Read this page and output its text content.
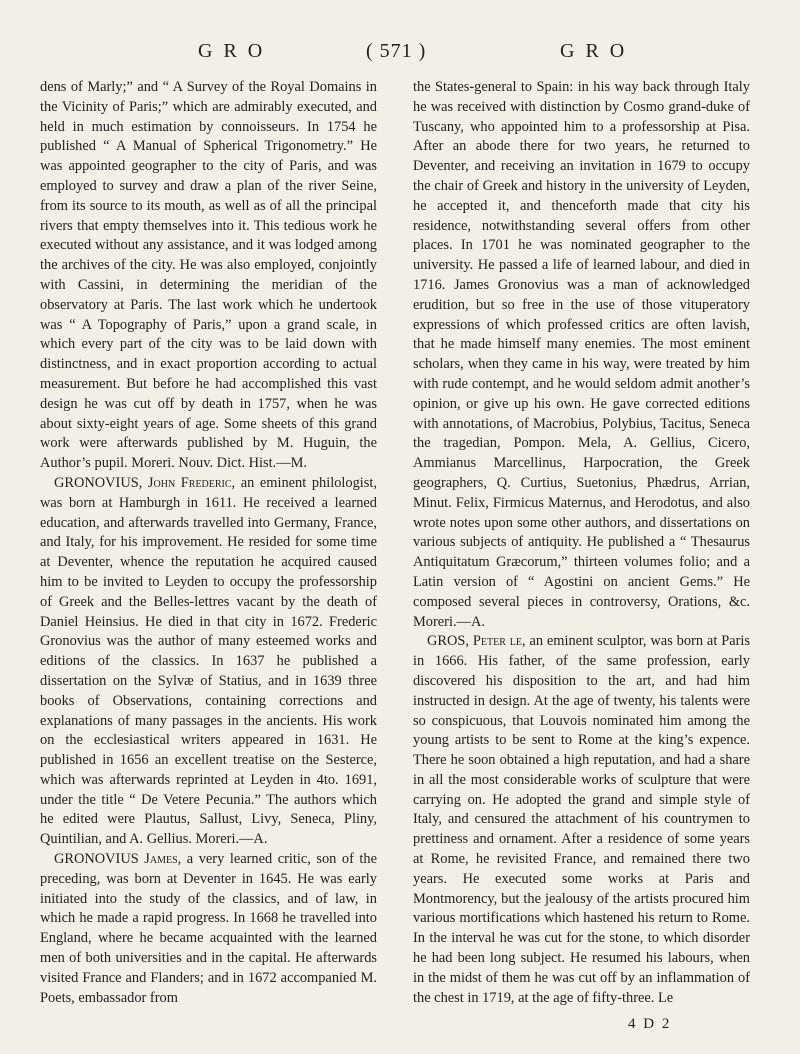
G R O	( 571 )	G R O

dens of Marly;” and “ A Survey of the Royal Domains in the Vicinity of Paris;” which are admirably executed, and held in much estimation by connoisseurs. In 1754 he published “ A Manual of Spherical Trigonometry.” He was appointed geographer to the city of Paris, and was employed to survey and draw a plan of the river Seine, from its source to its mouth, as well as of all the principal rivers that empty themselves into it. This tedious work he executed without any assistance, and it was lodged among the archives of the city. He was also employed, conjointly with Cassini, in determining the meridian of the observatory at Paris. The last work which he undertook was “ A Topography of Paris,” upon a grand scale, in which every part of the city was to be laid down with distinctness, and in exact proportion according to actual measurement. But before he had accomplished this vast design he was cut off by death in 1757, when he was about sixty-eight years of age. Some sheets of this grand work were afterwards published by M. Huguin, the Author’s pupil. Moreri. Nouv. Dict. Hist.—M.

GRONOVIUS, John Frederic, an eminent philologist, was born at Hamburgh in 1611. He received a learned education, and afterwards travelled into Germany, France, and Italy, for his improvement. He resided for some time at Deventer, whence the reputation he acquired caused him to be invited to Leyden to occupy the professorship of Greek and the Belles-lettres vacant by the death of Daniel Heinsius. He died in that city in 1672. Frederic Gronovius was the author of many esteemed works and editions of the classics. In 1637 he published a dissertation on the Sylvæ of Statius, and in 1639 three books of Observations, containing corrections and explanations of many passages in the ancients. His work on the ecclesiastical writers appeared in 1631. He published in 1656 an excellent treatise on the Sesterce, which was afterwards reprinted at Leyden in 4to. 1691, under the title “ De Vetere Pecunia.” The authors which he edited were Plautus, Sallust, Livy, Seneca, Pliny, Quintilian, and A. Gellius. Moreri.—A.

GRONOVIUS James, a very learned critic, son of the preceding, was born at Deventer in 1645. He was early initiated into the study of the classics, and of law, in which he made a rapid progress. In 1668 he travelled into England, where he became acquainted with the learned men of both universities and in the capital. He afterwards visited France and Flanders; and in 1672 accompanied M. Poets, embassador from

the States-general to Spain: in his way back through Italy he was received with distinction by Cosmo grand-duke of Tuscany, who appointed him to a professorship at Pisa. After an abode there for two years, he returned to Deventer, and receiving an invitation in 1679 to occupy the chair of Greek and history in the university of Leyden, he accepted it, and thenceforth made that city his residence, notwithstanding several offers from other places. In 1701 he was nominated geographer to the university. He passed a life of learned labour, and died in 1716. James Gronovius was a man of acknowledged erudition, but so free in the use of those vituperatory expressions of which professed critics are often lavish, that he made himself many enemies. The most eminent scholars, when they came in his way, were treated by him with rude contempt, and he would seldom admit another’s opinion, or give up his own. He gave corrected editions with annotations, of Macrobius, Polybius, Tacitus, Seneca the tragedian, Pompon. Mela, A. Gellius, Cicero, Ammianus Marcellinus, Harpocration, the Greek geographers, Q. Curtius, Suetonius, Phædrus, Arrian, Minut. Felix, Firmicus Maternus, and Herodotus, and also wrote notes upon some other authors, and dissertations on various subjects of antiquity. He published a “ Thesaurus Antiquitatum Græcorum,” thirteen volumes folio; and a Latin version of “ Agostini on ancient Gems.” He composed several pieces in controversy, Orations, &c. Moreri.—A.

GROS, Peter le, an eminent sculptor, was born at Paris in 1666. His father, of the same profession, early discovered his disposition to the art, and had him instructed in design. At the age of twenty, his talents were so conspicuous, that Louvois nominated him among the young artists to be sent to Rome at the king’s expence. There he soon obtained a high reputation, and had a share in all the most considerable works of sculpture that were carrying on. He adopted the grand and simple style of Italy, and censured the attachment of his countrymen to prettiness and ornament. After a residence of some years at Rome, he revisited France, and remained there two years. He executed some works at Paris and Montmorency, but the jealousy of the artists procured him various mortifications which hastened his return to Rome. In the interval he was cut for the stone, to which disorder he had been long subject. He resumed his labours, when in the midst of them he was cut off by an inflammation of the chest in 1719, at the age of fifty-three. Le

4 D 2
